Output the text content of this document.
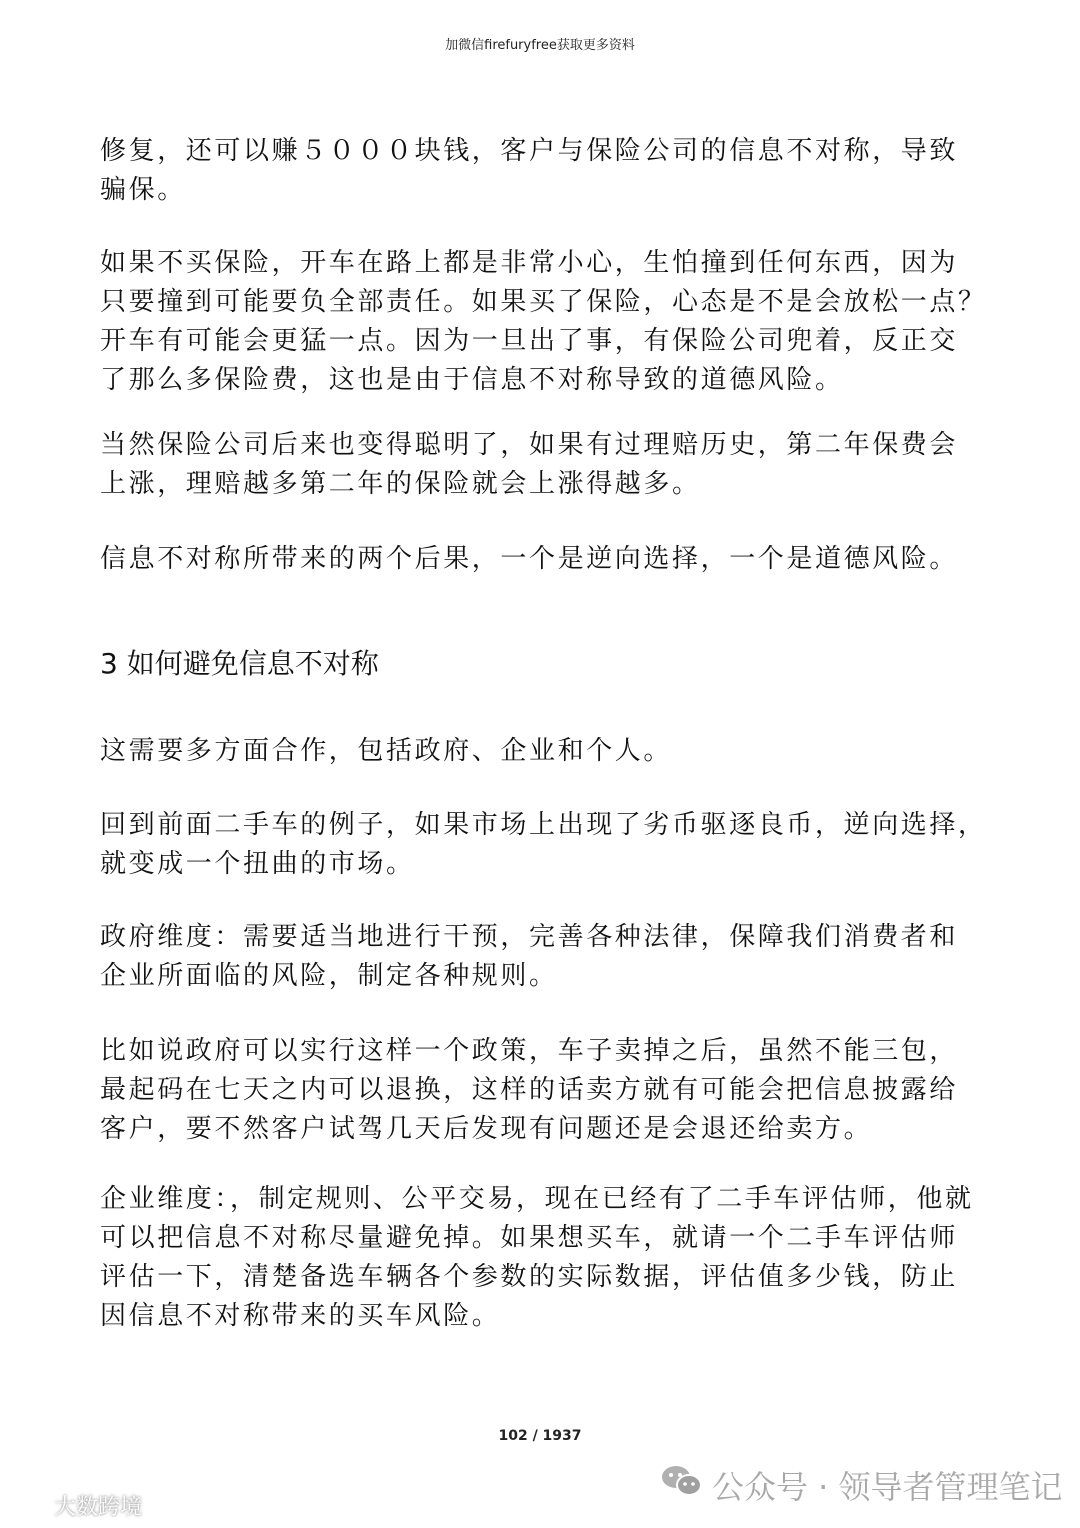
加微信firefuryfree获取更多资料
修复，还可以赚５０００块钱，客户与保险公司的信息不对称，导致
骗保。
如果不买保险，开车在路上都是非常小心，生怕撞到任何东西，因为
只要撞到可能要负全部责任。如果买了保险，心态是不是会放松一点？
开车有可能会更猛一点。因为一旦出了事，有保险公司兜着，反正交
了那么多保险费，这也是由于信息不对称导致的道德风险。
当然保险公司后来也变得聪明了，如果有过理赔历史，第二年保费会
上涨，理赔越多第二年的保险就会上涨得越多。
信息不对称所带来的两个后果，一个是逆向选择，一个是道德风险。
3 如何避免信息不对称
这需要多方面合作，包括政府、企业和个人。
回到前面二手车的例子，如果市场上出现了劣币驱逐良币，逆向选择，
就变成一个扭曲的市场。
政府维度：需要适当地进行干预，完善各种法律，保障我们消费者和
企业所面临的风险，制定各种规则。
比如说政府可以实行这样一个政策，车子卖掉之后，虽然不能三包，
最起码在七天之内可以退换，这样的话卖方就有可能会把信息披露给
客户，要不然客户试驾几天后发现有问题还是会退还给卖方。
企业维度：，制定规则、公平交易，现在已经有了二手车评估师，他就
可以把信息不对称尽量避免掉。如果想买车，就请一个二手车评估师
评估一下，清楚备选车辆各个参数的实际数据，评估值多少钱，防止
因信息不对称带来的买车风险。
102 / 1937
公众号 · 领导者管理笔记
大数跨境
